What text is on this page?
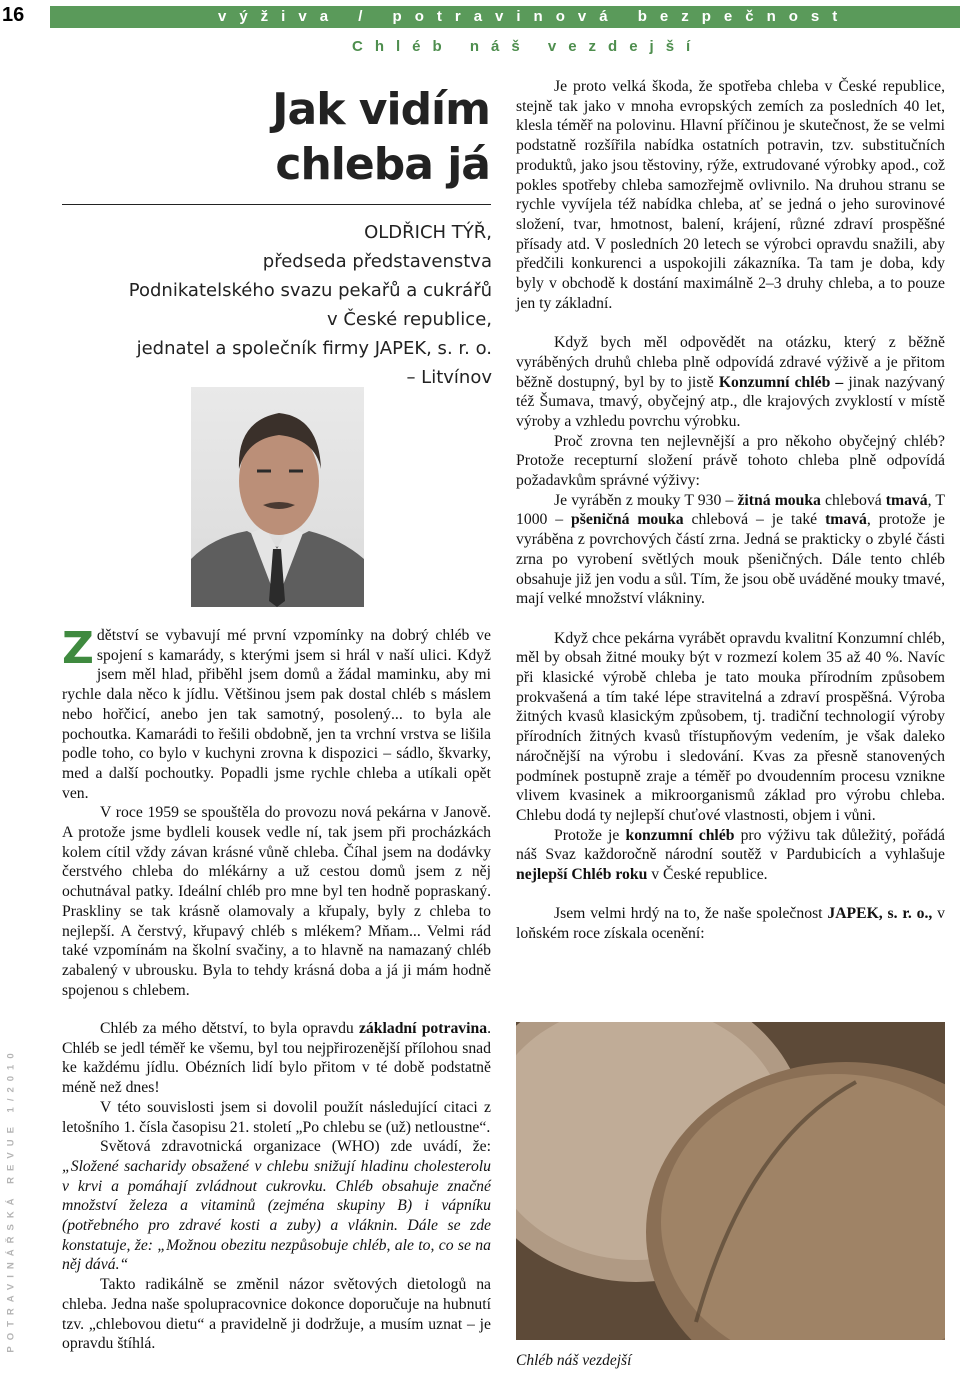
16	výživa / potravinová bezpečnost
Chléb náš vezdejší
POTRAVINÁŘSKÁ REVUE 1/2010
Jak vidím
chleba já
OLDŘICH TÝŘ,
předseda představenstva
Podnikatelského svazu pekařů a cukrářů
v České republice,
jednatel a společník firmy JAPEK, s. r. o.
– Litvínov

Zdětství se vybavují mé první vzpomínky na dobrý chléb ve spojení s kamarády, s kterými jsem si hrál v naší ulici. Když jsem měl hlad, přiběhl jsem domů a žádal maminku, aby mi rychle dala něco k jídlu. Většinou jsem pak dostal chléb s máslem nebo hořčicí, anebo jen tak samotný, posolený... to byla ale pochoutka. Kamarádi to řešili obdobně, jen ta vrchní vrstva se lišila podle toho, co bylo v kuchyni zrovna k dispozici – sádlo, škvarky, med a další pochoutky. Popadli jsme rychle chleba a utíkali opět ven.

V roce 1959 se spouštěla do provozu nová pekárna v Janově. A protože jsme bydleli kousek vedle ní, tak jsem při procházkách kolem cítil vždy závan krásné vůně chleba. Číhal jsem na dodávky čerstvého chleba do mlékárny a už cestou domů jsem z něj ochutnával patky. Ideální chléb pro mne byl ten hodně popraskaný. Praskliny se tak krásně olamovaly a křupaly, byly z chleba to nejlepší. A čerstvý, křupavý chléb s mlékem? Mňam... Velmi rád také vzpomínám na školní svačiny, a to hlavně na namazaný chléb zabalený v ubrousku. Byla to tehdy krásná doba a já ji mám hodně spojenou s chlebem.

Chléb za mého dětství, to byla opravdu základní potravina. Chléb se jedl téměř ke všemu, byl tou nejpřirozenější přílohou snad ke každému jídlu. Obézních lidí bylo přitom v té době podstatně méně než dnes!

V této souvislosti jsem si dovolil použít následující citaci z letošního 1. čísla časopisu 21. století „Po chlebu se (už) netloustne“.

Světová zdravotnická organizace (WHO) zde uvádí, že: „Složené sacharidy obsažené v chlebu snižují hladinu cholesterolu v krvi a pomáhají zvládnout cukrovku. Chléb obsahuje značné množství železa a vitaminů (zejména skupiny B) i vápníku (potřebného pro zdravé kosti a zuby) a vláknin. Dále se zde konstatuje, že: „Možnou obezitu nezpůsobuje chléb, ale to, co se na něj dává.“

Takto radikálně se změnil názor světových dietologů na chleba. Jedna naše spolupracovnice dokonce doporučuje na hubnutí tzv. „chlebovou dietu“ a pravidelně ji dodržuje, a musím uznat – je opravdu štíhlá.

Je proto velká škoda, že spotřeba chleba v České republice, stejně tak jako v mnoha evropských zemích za posledních 40 let, klesla téměř na polovinu. Hlavní příčinou je skutečnost, že se velmi podstatně rozšířila nabídka ostatních potravin, tzv. substitučních produktů, jako jsou těstoviny, rýže, extrudované výrobky apod., což pokles spotřeby chleba samozřejmě ovlivnilo. Na druhou stranu se rychle vyvíjela též nabídka chleba, ať se jedná o jeho surovinové složení, tvar, hmotnost, balení, krájení, různé zdraví prospěšné přísady atd. V posledních 20 letech se výrobci opravdu snažili, aby předčili konkurenci a uspokojili zákazníka. Ta tam je doba, kdy byly v obchodě k dostání maximálně 2–3 druhy chleba, a to pouze jen ty základní.

Když bych měl odpovědět na otázku, který z běžně vyráběných druhů chleba plně odpovídá zdravé výživě a je přitom běžně dostupný, byl by to jistě Konzumní chléb – jinak nazývaný též Šumava, tmavý, obyčejný atp., dle krajových zvyklostí v místě výroby a vzhledu povrchu výrobku.

Proč zrovna ten nejlevnější a pro někoho obyčejný chléb? Protože recepturní složení právě tohoto chleba plně odpovídá požadavkům správné výživy:

Je vyráběn z mouky T 930 – žitná mouka chlebová tmavá, T 1000 – pšeničná mouka chlebová – je také tmavá, protože je vyráběna z povrchových částí zrna. Jedná se prakticky o zbylé části zrna po vyrobení světlých mouk pšeničných. Dále tento chléb obsahuje již jen vodu a sůl. Tím, že jsou obě uváděné mouky tmavé, mají velké množství vlákniny.

Když chce pekárna vyrábět opravdu kvalitní Konzumní chléb, měl by obsah žitné mouky být v rozmezí kolem 35 až 40 %. Navíc při klasické výrobě chleba je tato mouka přírodním způsobem prokvašená a tím také lépe stravitelná a zdraví prospěšná. Výroba žitných kvasů klasickým způsobem, tj. tradiční technologií výroby přírodních žitných kvasů třístupňovým vedením, je však daleko náročnější na výrobu i sledování. Kvas za přesně stanovených podmínek postupně zraje a téměř po dvoudenním procesu vznikne vlivem kvasinek a mikroorganismů základ pro výrobu chleba. Chlebu dodá ty nejlepší chuťové vlastnosti, objem i vůni.

Protože je konzumní chléb pro výživu tak důležitý, pořádá náš Svaz každoročně národní soutěž v Pardubicích a vyhlašuje nejlepší Chléb roku v České republice.

Jsem velmi hrdý na to, že naše společnost JAPEK, s. r. o., v loňském roce získala ocenění:

Chléb náš vezdejší
